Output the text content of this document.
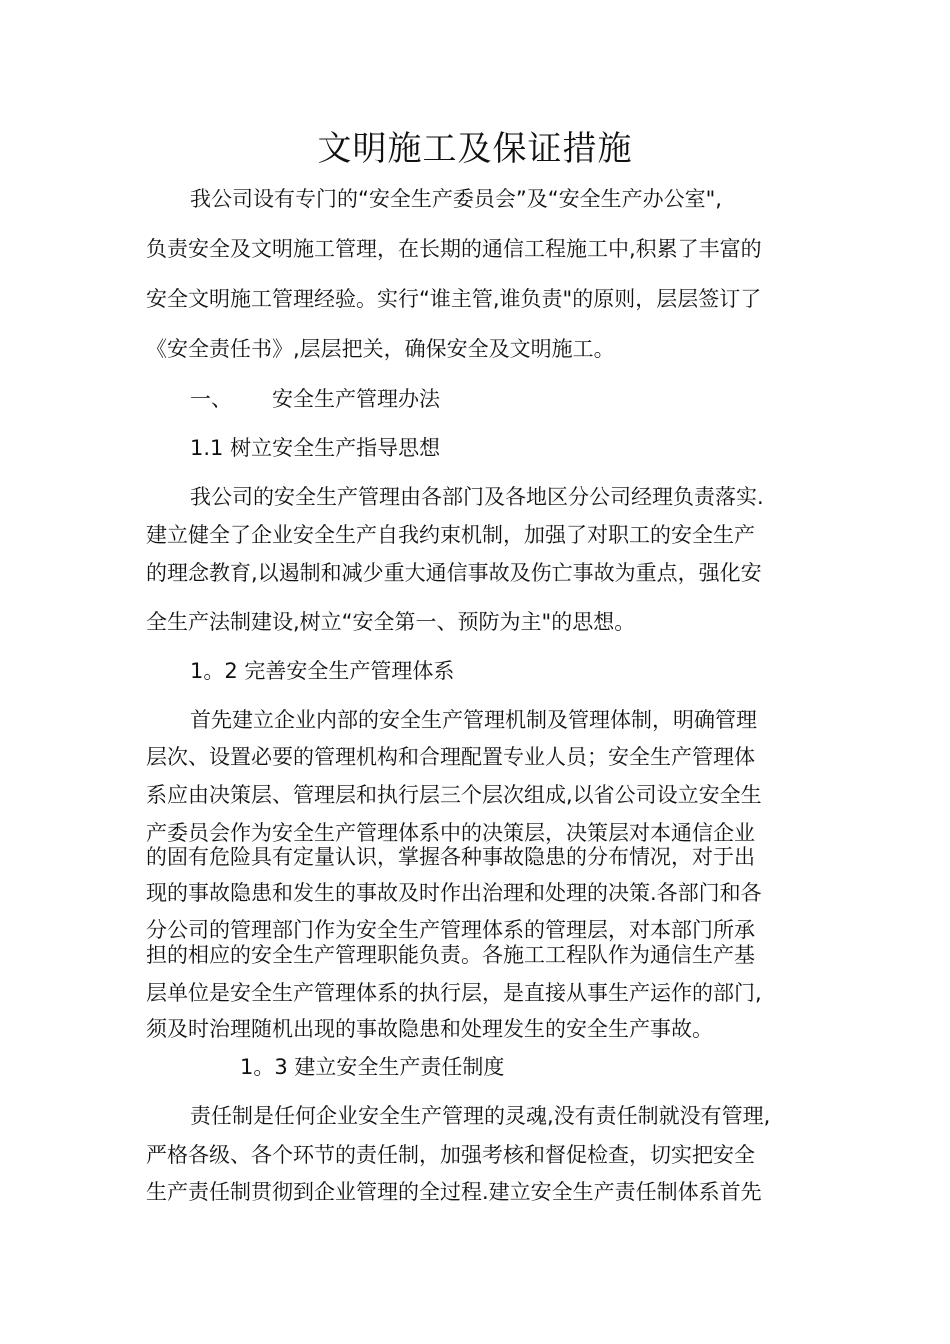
文明施工及保证措施

我公司设有专门的“安全生产委员会”及“安全生产办公室",

负责安全及文明施工管理，在长期的通信工程施工中,积累了丰富的

安全文明施工管理经验。实行“谁主管,谁负责"的原则，层层签订了

《安全责任书》,层层把关，确保安全及文明施工。

一、 安全生产管理办法

1.1 树立安全生产指导思想

我公司的安全生产管理由各部门及各地区分公司经理负责落实.

建立健全了企业安全生产自我约束机制，加强了对职工的安全生产

的理念教育,以遏制和减少重大通信事故及伤亡事故为重点，强化安

全生产法制建设,树立“安全第一、预防为主"的思想。

1。2 完善安全生产管理体系

首先建立企业内部的安全生产管理机制及管理体制，明确管理

层次、设置必要的管理机构和合理配置专业人员；安全生产管理体

系应由决策层、管理层和执行层三个层次组成,以省公司设立安全生

产委员会作为安全生产管理体系中的决策层，决策层对本通信企业

的固有危险具有定量认识，掌握各种事故隐患的分布情况，对于出

现的事故隐患和发生的事故及时作出治理和处理的决策.各部门和各

分公司的管理部门作为安全生产管理体系的管理层，对本部门所承

担的相应的安全生产管理职能负责。各施工工程队作为通信生产基

层单位是安全生产管理体系的执行层，是直接从事生产运作的部门,

须及时治理随机出现的事故隐患和处理发生的安全生产事故。

1。3 建立安全生产责任制度

责任制是任何企业安全生产管理的灵魂,没有责任制就没有管理,

严格各级、各个环节的责任制，加强考核和督促检查，切实把安全

生产责任制贯彻到企业管理的全过程.建立安全生产责任制体系首先
